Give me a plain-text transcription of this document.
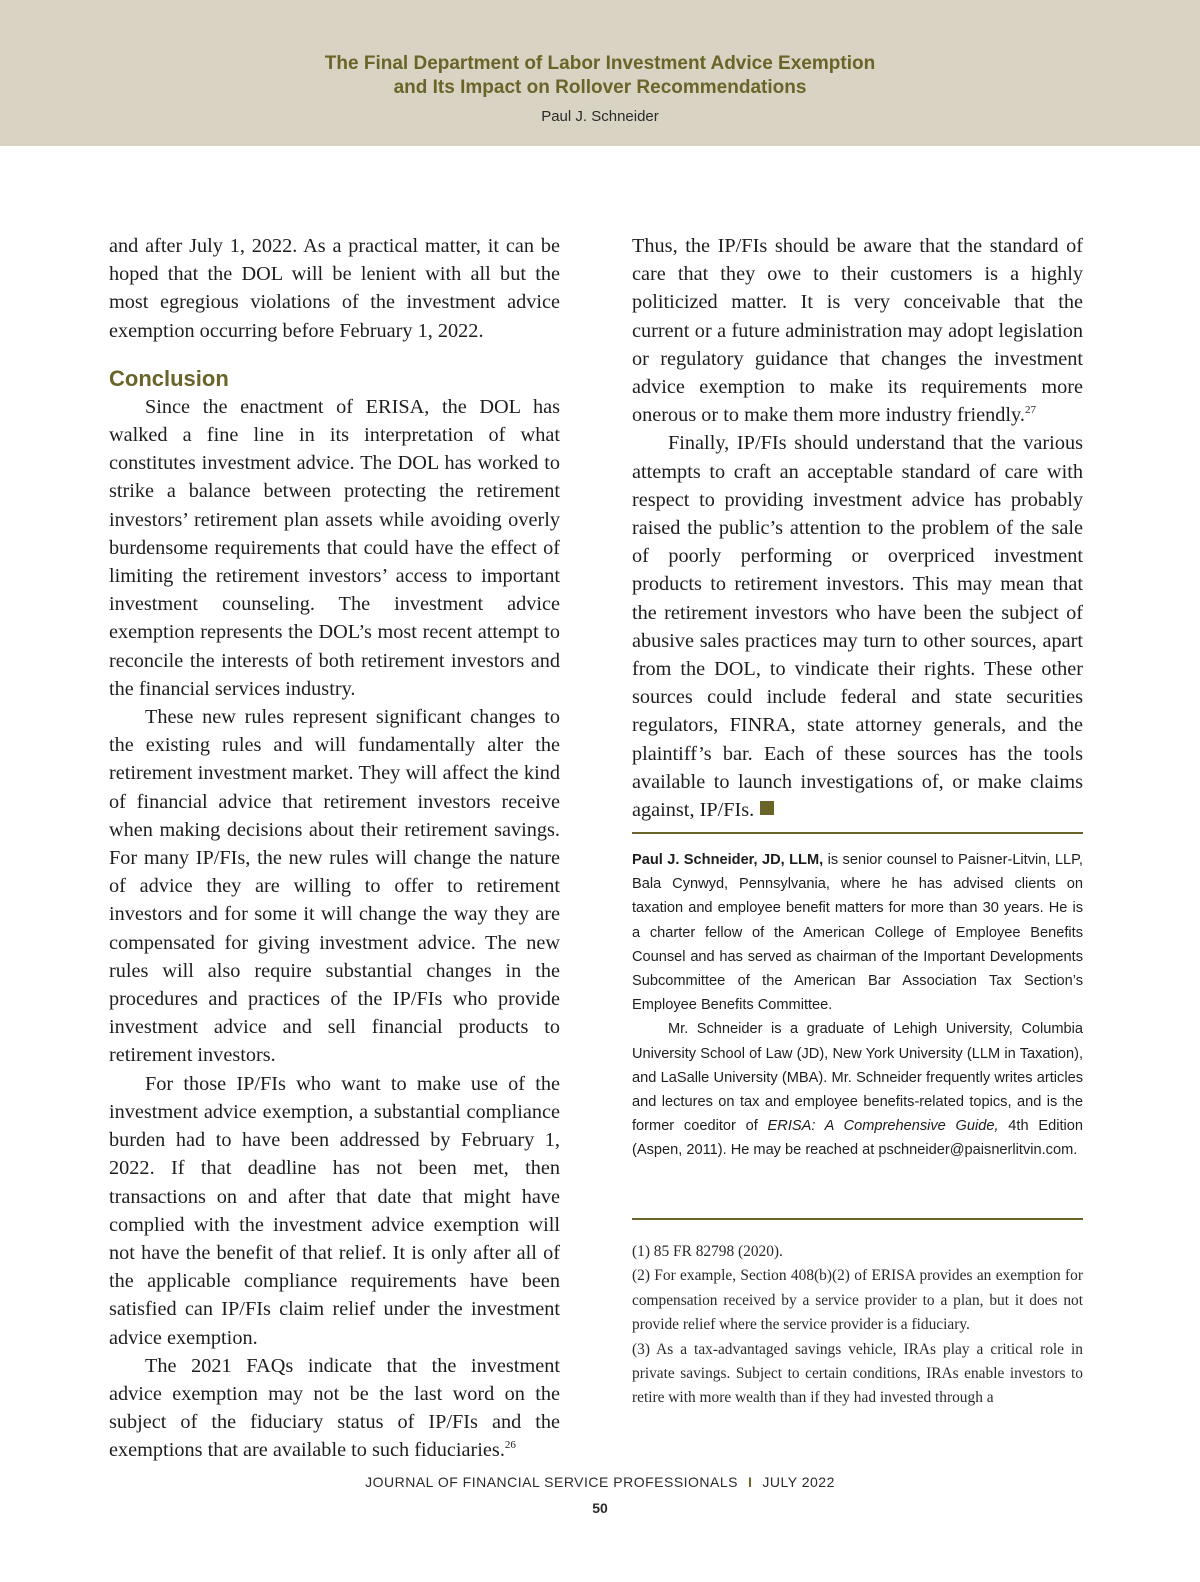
The Final Department of Labor Investment Advice Exemption
and Its Impact on Rollover Recommendations
Paul J. Schneider

and after July 1, 2022. As a practical matter, it can be hoped that the DOL will be lenient with all but the most egregious violations of the investment advice exemption occurring before February 1, 2022.

Conclusion

Since the enactment of ERISA, the DOL has walked a fine line in its interpretation of what constitutes investment advice. The DOL has worked to strike a balance between protecting the retirement investors’ retirement plan assets while avoiding overly burdensome requirements that could have the effect of limiting the retirement investors’ access to important investment counseling. The investment advice exemption represents the DOL’s most recent attempt to reconcile the interests of both retirement investors and the financial services industry.

These new rules represent significant changes to the existing rules and will fundamentally alter the retirement investment market. They will affect the kind of financial advice that retirement investors receive when making decisions about their retirement savings. For many IP/FIs, the new rules will change the nature of advice they are willing to offer to retirement investors and for some it will change the way they are compensated for giving investment advice. The new rules will also require substantial changes in the procedures and practices of the IP/FIs who provide investment advice and sell financial products to retirement investors.

For those IP/FIs who want to make use of the investment advice exemption, a substantial compliance burden had to have been addressed by February 1, 2022. If that deadline has not been met, then transactions on and after that date that might have complied with the investment advice exemption will not have the benefit of that relief. It is only after all of the applicable compliance requirements have been satisfied can IP/FIs claim relief under the investment advice exemption.

The 2021 FAQs indicate that the investment advice exemption may not be the last word on the subject of the fiduciary status of IP/FIs and the exemptions that are available to such fiduciaries.$^{26}$

Thus, the IP/FIs should be aware that the standard of care that they owe to their customers is a highly politicized matter. It is very conceivable that the current or a future administration may adopt legislation or regulatory guidance that changes the investment advice exemption to make its requirements more onerous or to make them more industry friendly.$^{27}$

Finally, IP/FIs should understand that the various attempts to craft an acceptable standard of care with respect to providing investment advice has probably raised the public’s attention to the problem of the sale of poorly performing or overpriced investment products to retirement investors. This may mean that the retirement investors who have been the subject of abusive sales practices may turn to other sources, apart from the DOL, to vindicate their rights. These other sources could include federal and state securities regulators, FINRA, state attorney generals, and the plaintiff’s bar. Each of these sources has the tools available to launch investigations of, or make claims against, IP/FIs.

Paul J. Schneider, JD, LLM, is senior counsel to Paisner-Litvin, LLP, Bala Cynwyd, Pennsylvania, where he has advised clients on taxation and employee benefit matters for more than 30 years. He is a charter fellow of the American College of Employee Benefits Counsel and has served as chairman of the Important Developments Subcommittee of the American Bar Association Tax Section’s Employee Benefits Committee.

Mr. Schneider is a graduate of Lehigh University, Columbia University School of Law (JD), New York University (LLM in Taxation), and LaSalle University (MBA). Mr. Schneider frequently writes articles and lectures on tax and employee benefits-related topics, and is the former coeditor of ERISA: A Comprehensive Guide, 4th Edition (Aspen, 2011). He may be reached at pschneider@paisnerlitvin.com.

(1) 85 FR 82798 (2020).

(2) For example, Section 408(b)(2) of ERISA provides an exemption for compensation received by a service provider to a plan, but it does not provide relief where the service provider is a fiduciary.

(3) As a tax-advantaged savings vehicle, IRAs play a critical role in private savings. Subject to certain conditions, IRAs enable investors to retire with more wealth than if they had invested through a

JOURNAL OF FINANCIAL SERVICE PROFESSIONALS I JULY 2022
50
